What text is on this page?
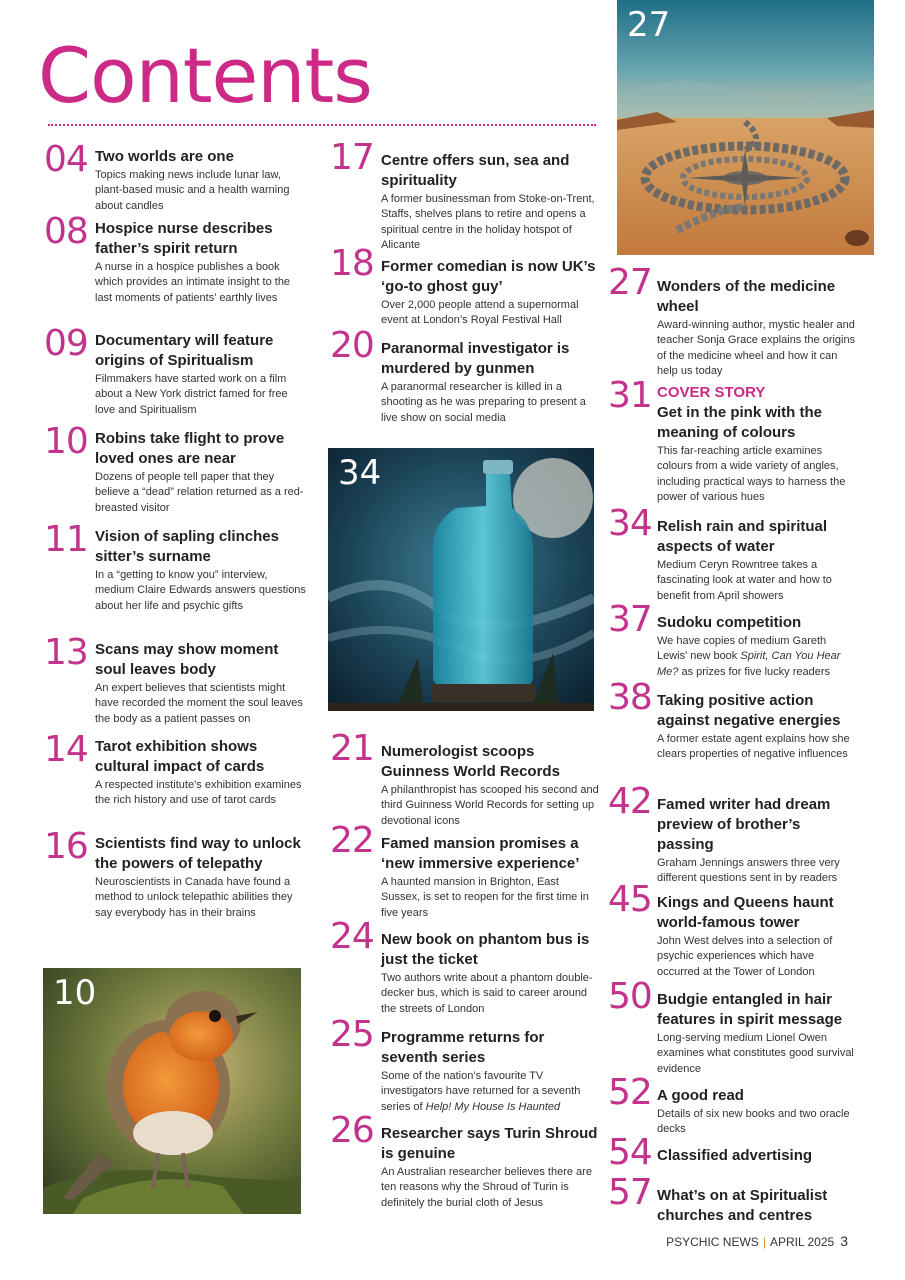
Contents
27
34
10
04 Two worlds are one
Topics making news include lunar law, plant-based music and a health warning about candles
08 Hospice nurse describes father’s spirit return
A nurse in a hospice publishes a book which provides an intimate insight to the last moments of patients’ earthly lives
09 Documentary will feature origins of Spiritualism
Filmmakers have started work on a film about a New York district famed for free love and Spiritualism
10 Robins take flight to prove loved ones are near
Dozens of people tell paper that they believe a “dead” relation returned as a red-breasted visitor
11 Vision of sapling clinches sitter’s surname
In a “getting to know you” interview, medium Claire Edwards answers questions about her life and psychic gifts
13 Scans may show moment soul leaves body
An expert believes that scientists might have recorded the moment the soul leaves the body as a patient passes on
14 Tarot exhibition shows cultural impact of cards
A respected institute’s exhibition examines the rich history and use of tarot cards
16 Scientists find way to unlock the powers of telepathy
Neuroscientists in Canada have found a method to unlock telepathic abilities they say everybody has in their brains
17 Centre offers sun, sea and spirituality
A former businessman from Stoke-on-Trent, Staffs, shelves plans to retire and opens a spiritual centre in the holiday hotspot of Alicante
18 Former comedian is now UK’s ‘go-to ghost guy’
Over 2,000 people attend a supernormal event at London’s Royal Festival Hall
20 Paranormal investigator is murdered by gunmen
A paranormal researcher is killed in a shooting as he was preparing to present a live show on social media
21 Numerologist scoops Guinness World Records
A philanthropist has scooped his second and third Guinness World Records for setting up devotional icons
22 Famed mansion promises a ‘new immersive experience’
A haunted mansion in Brighton, East Sussex, is set to reopen for the first time in five years
24 New book on phantom bus is just the ticket
Two authors write about a phantom double-decker bus, which is said to career around the streets of London
25 Programme returns for seventh series
Some of the nation’s favourite TV investigators have returned for a seventh series of Help! My House Is Haunted
26 Researcher says Turin Shroud is genuine
An Australian researcher believes there are ten reasons why the Shroud of Turin is definitely the burial cloth of Jesus
27 Wonders of the medicine wheel
Award-winning author, mystic healer and teacher Sonja Grace explains the origins of the medicine wheel and how it can help us today
31 COVER STORY
Get in the pink with the meaning of colours
This far-reaching article examines colours from a wide variety of angles, including practical ways to harness the power of various hues
34 Relish rain and spiritual aspects of water
Medium Ceryn Rowntree takes a fascinating look at water and how to benefit from April showers
37 Sudoku competition
We have copies of medium Gareth Lewis’ new book Spirit, Can You Hear Me? as prizes for five lucky readers
38 Taking positive action against negative energies
A former estate agent explains how she clears properties of negative influences
42 Famed writer had dream preview of brother’s passing
Graham Jennings answers three very different questions sent in by readers
45 Kings and Queens haunt world-famous tower
John West delves into a selection of psychic experiences which have occurred at the Tower of London
50 Budgie entangled in hair features in spirit message
Long-serving medium Lionel Owen examines what constitutes good survival evidence
52 A good read
Details of six new books and two oracle decks
54 Classified advertising
57 What’s on at Spiritualist churches and centres
PSYCHIC NEWS | APRIL 2025 3
